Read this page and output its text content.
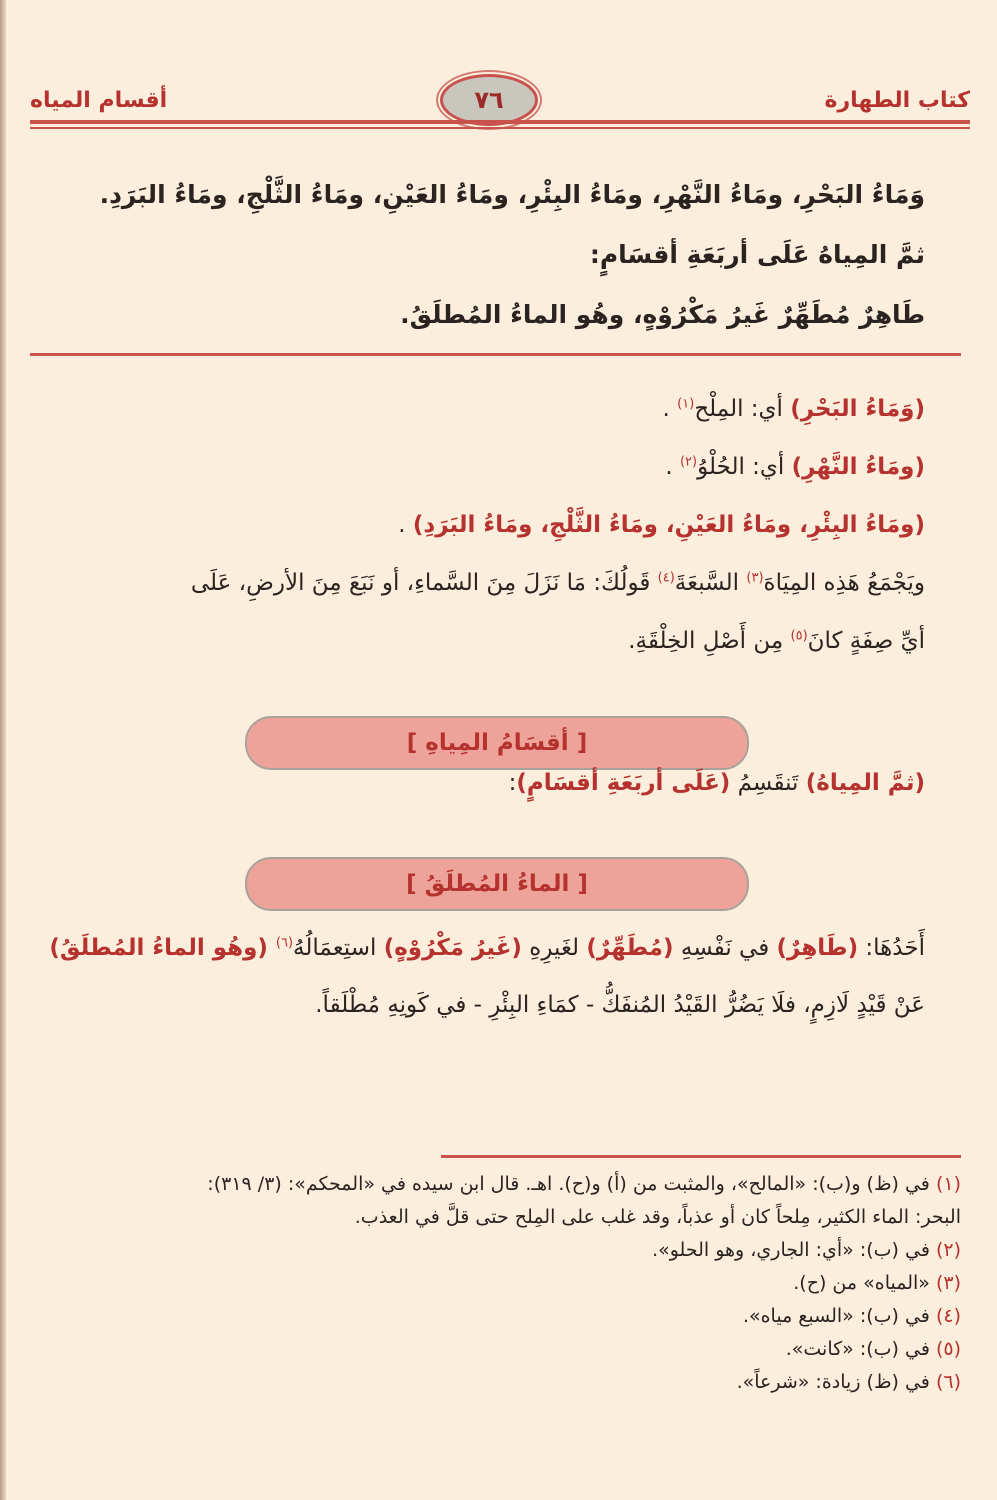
كتاب الطهارة
٧٦
أقسام المياه

وَمَاءُ البَحْرِ، ومَاءُ النَّهْرِ، ومَاءُ البِئْرِ، ومَاءُ العَيْنِ، ومَاءُ الثَّلْجِ، ومَاءُ البَرَدِ.

ثمَّ المِياهُ عَلَى أربَعَةِ أقسَامٍ:

طَاهِرٌ مُطَهِّرٌ غَيرُ مَكْرُوْهٍ، وهُو الماءُ المُطلَقُ.

(وَمَاءُ البَحْرِ) أي: المِلْح$^{(١)}$ .

(ومَاءُ النَّهْرِ) أي: الحُلْوُ$^{(٢)}$ .

(ومَاءُ البِئْرِ، ومَاءُ العَيْنِ، ومَاءُ الثَّلْجِ، ومَاءُ البَرَدِ) .

ويَجْمَعُ هَذِه المِيَاهَ$^{(٣)}$ السَّبعَةَ$^{(٤)}$ قَولُكَ: مَا نَزَلَ مِنَ السَّماءِ، أو نَبَعَ مِنَ الأرضِ، عَلَى

أيِّ صِفَةٍ كانَ$^{(٥)}$ مِن أَصْلِ الخِلْقَةِ.

[ أقسَامُ المِياهِ ]

(ثمَّ المِياهُ) تَنقَسِمُ (عَلَى أربَعَةِ أقسَامٍ):

[ الماءُ المُطلَقُ ]

أَحَدُهَا: (طَاهِرٌ) في نَفْسِهِ (مُطَهِّرٌ) لغَيرِهِ (غَيرُ مَكْرُوْهٍ) استِعمَالُهُ$^{(٦)}$ (وهُو الماءُ المُطلَقُ)

عَنْ قَيْدٍ لَازِمٍ، فلَا يَضُرُّ القَيْدُ المُنفَكُّ - كمَاءِ البِئْرِ - في كَونِهِ مُطْلَقاً.

(١) في (ظ) و(ب): «المالح»، والمثبت من (أ) و(ح). اهـ. قال ابن سيده في «المحكم»: (٣/ ٣١٩):

البحر: الماء الكثير، مِلحاً كان أو عذباً، وقد غلب على المِلح حتى قلَّ في العذب.

(٢) في (ب): «أي: الجاري، وهو الحلو».

(٣) «المياه» من (ح).

(٤) في (ب): «السبع مياه».

(٥) في (ب): «كانت».

(٦) في (ظ) زيادة: «شرعاً».
